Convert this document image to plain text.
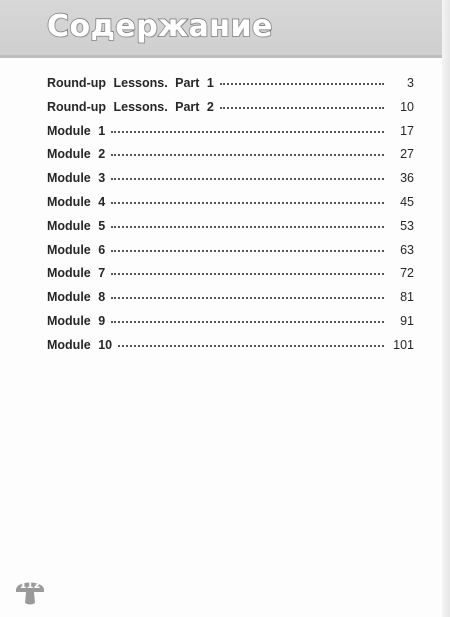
Содержание
Round-up Lessons. Part 1	3
Round-up Lessons. Part 2	10
Module 1	17
Module 2	27
Module 3	36
Module 4	45
Module 5	53
Module 6	63
Module 7	72
Module 8	81
Module 9	91
Module 10	101
112
